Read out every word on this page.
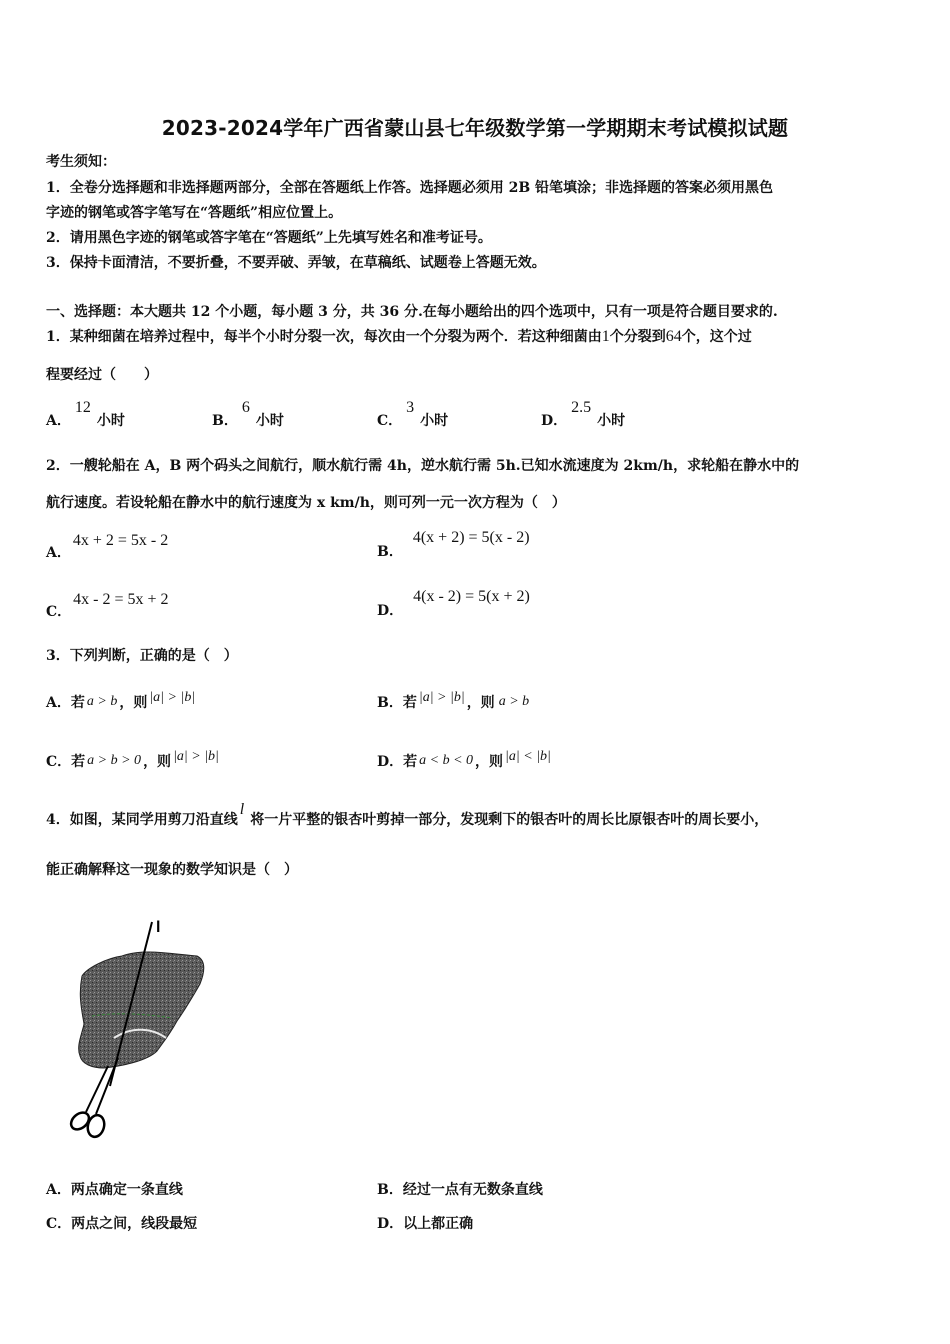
2023-2024学年广西省蒙山县七年级数学第一学期期末考试模拟试题
考生须知：
1．全卷分选择题和非选择题两部分，全部在答题纸上作答。选择题必须用 2B 铅笔填涂；非选择题的答案必须用黑色
字迹的钢笔或答字笔写在“答题纸”相应位置上。
2．请用黑色字迹的钢笔或答字笔在“答题纸”上先填写姓名和准考证号。
3．保持卡面清洁，不要折叠，不要弄破、弄皱，在草稿纸、试题卷上答题无效。
一、选择题：本大题共 12 个小题，每小题 3 分，共 36 分.在每小题给出的四个选项中，只有一项是符合题目要求的.
1．某种细菌在培养过程中，每半个小时分裂一次，每次由一个分裂为两个．若这种细菌由1个分裂到64个，这个过
程要经过（　　）
A．12小时	B．6小时	C．3小时	D．2.5小时
2．一艘轮船在 A，B 两个码头之间航行，顺水航行需 4h，逆水航行需 5h.已知水流速度为 2km/h，求轮船在静水中的
航行速度。若设轮船在静水中的航行速度为 x km/h，则可列一元一次方程为（　）
A．4x + 2 = 5x - 2
B．4(x + 2) = 5(x - 2)
C．4x - 2 = 5x + 2
D．4(x - 2) = 5(x + 2)
3．下列判断，正确的是（　）
A．若 a > b ，则 |a| > |b|	B．若 |a| > |b| ，则 a > b
C．若 a > b > 0 ，则 |a| > |b|	D．若 a < b < 0 ，则 |a| < |b|
4．如图，某同学用剪刀沿直线l将一片平整的银杏叶剪掉一部分，发现剩下的银杏叶的周长比原银杏叶的周长要小，
能正确解释这一现象的数学知识是（　）
l
A．两点确定一条直线	B．经过一点有无数条直线
C．两点之间，线段最短	D．以上都正确
